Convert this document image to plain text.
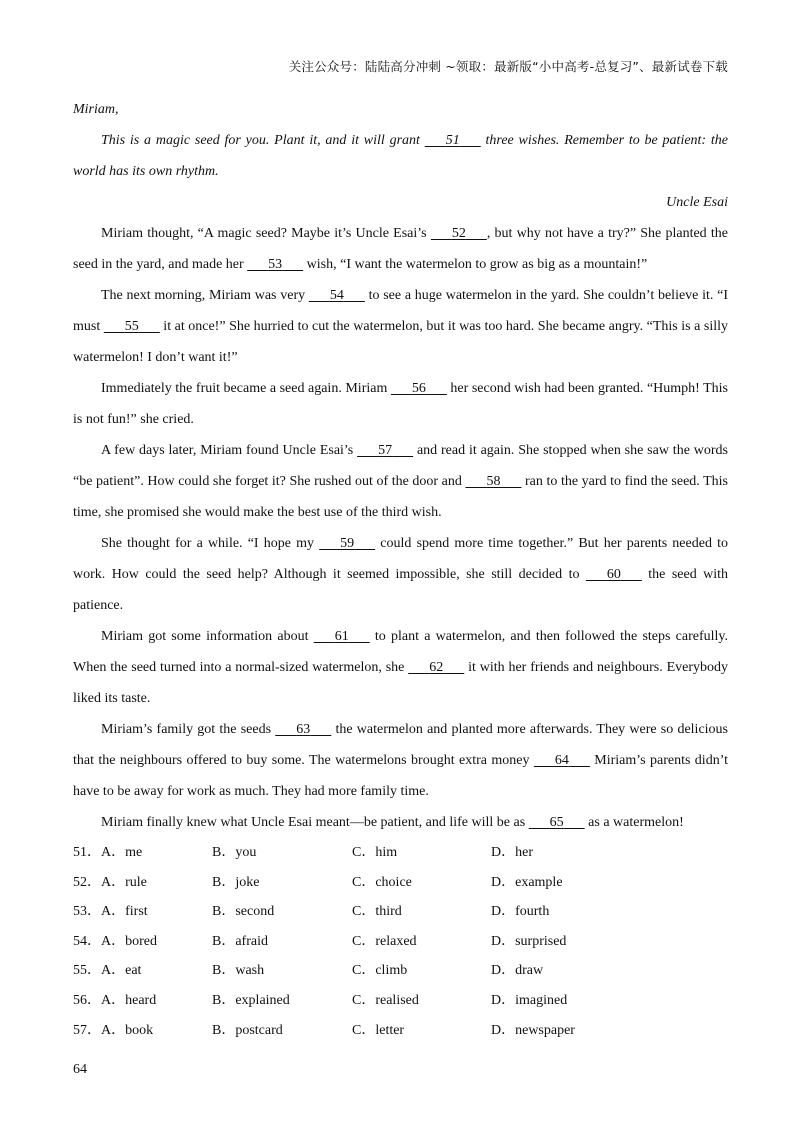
关注公众号：陆陆高分冲刺 ~领取：最新版“小中高考-总复习”、最新试卷下载

Miriam,

This is a magic seed for you. Plant it, and it will grant    51    three wishes. Remember to be patient: the world has its own rhythm.

Uncle Esai

Miriam thought, “A magic seed? Maybe it’s Uncle Esai’s    52    , but why not have a try?” She planted the seed in the yard, and made her    53    wish, “I want the watermelon to grow as big as a mountain!”

The next morning, Miriam was very    54    to see a huge watermelon in the yard. She couldn’t believe it. “I must    55    it at once!” She hurried to cut the watermelon, but it was too hard. She became angry. “This is a silly watermelon! I don’t want it!”

Immediately the fruit became a seed again. Miriam    56    her second wish had been granted. “Humph! This is not fun!” she cried.

A few days later, Miriam found Uncle Esai’s    57    and read it again. She stopped when she saw the words “be patient”. How could she forget it? She rushed out of the door and    58    ran to the yard to find the seed. This time, she promised she would make the best use of the third wish.

She thought for a while. “I hope my    59    could spend more time together.” But her parents needed to work. How could the seed help? Although it seemed impossible, she still decided to    60    the seed with patience.

Miriam got some information about    61    to plant a watermelon, and then followed the steps carefully. When the seed turned into a normal-sized watermelon, she    62    it with her friends and neighbours. Everybody liked its taste.

Miriam’s family got the seeds    63    the watermelon and planted more afterwards. They were so delicious that the neighbours offered to buy some. The watermelons brought extra money    64    Miriam’s parents didn’t have to be away for work as much. They had more family time.

Miriam finally knew what Uncle Esai meant—be patient, and life will be as    65    as a watermelon!

51． A．me	B．you	C．him	D．her
52． A．rule	B．joke	C．choice	D．example
53． A．first	B．second	C．third	D．fourth
54． A．bored	B．afraid	C．relaxed	D．surprised
55． A．eat	B．wash	C．climb	D．draw
56． A．heard	B．explained	C．realised	D．imagined
57． A．book	B．postcard	C．letter	D．newspaper
64
